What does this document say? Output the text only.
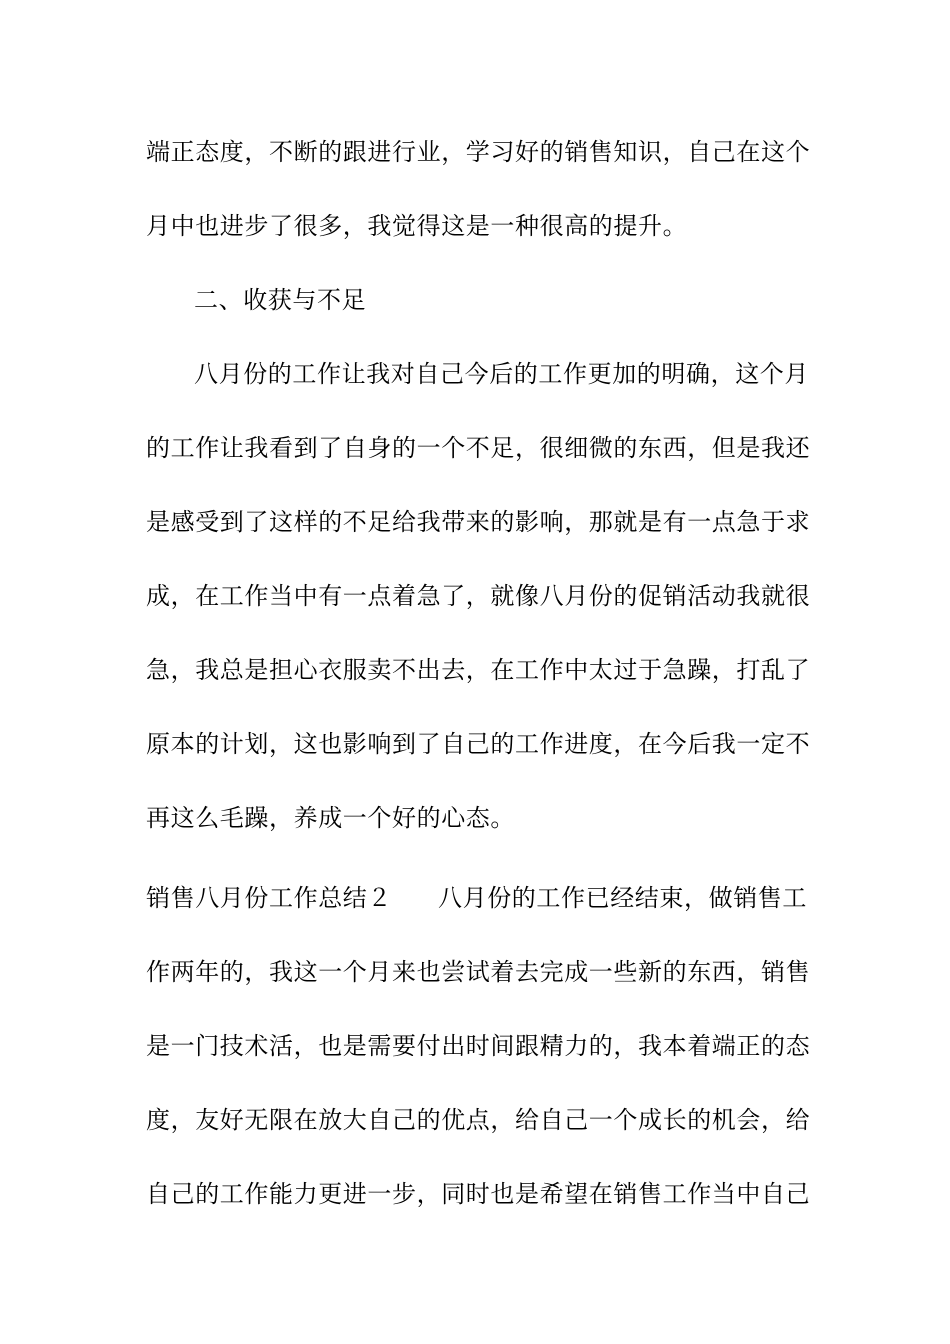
端正态度，不断的跟进行业，学习好的销售知识，自己在这个
月中也进步了很多，我觉得这是一种很高的提升。
二、收获与不足
八月份的工作让我对自己今后的工作更加的明确，这个月
的工作让我看到了自身的一个不足，很细微的东西，但是我还
是感受到了这样的不足给我带来的影响，那就是有一点急于求
成，在工作当中有一点着急了，就像八月份的促销活动我就很
急，我总是担心衣服卖不出去，在工作中太过于急躁，打乱了
原本的计划，这也影响到了自己的工作进度，在今后我一定不
再这么毛躁，养成一个好的心态。
销售八月份工作总结２ 八月份的工作已经结束，做销售工
作两年的，我这一个月来也尝试着去完成一些新的东西，销售
是一门技术活，也是需要付出时间跟精力的，我本着端正的态
度，友好无限在放大自己的优点，给自己一个成长的机会，给
自己的工作能力更进一步，同时也是希望在销售工作当中自己
